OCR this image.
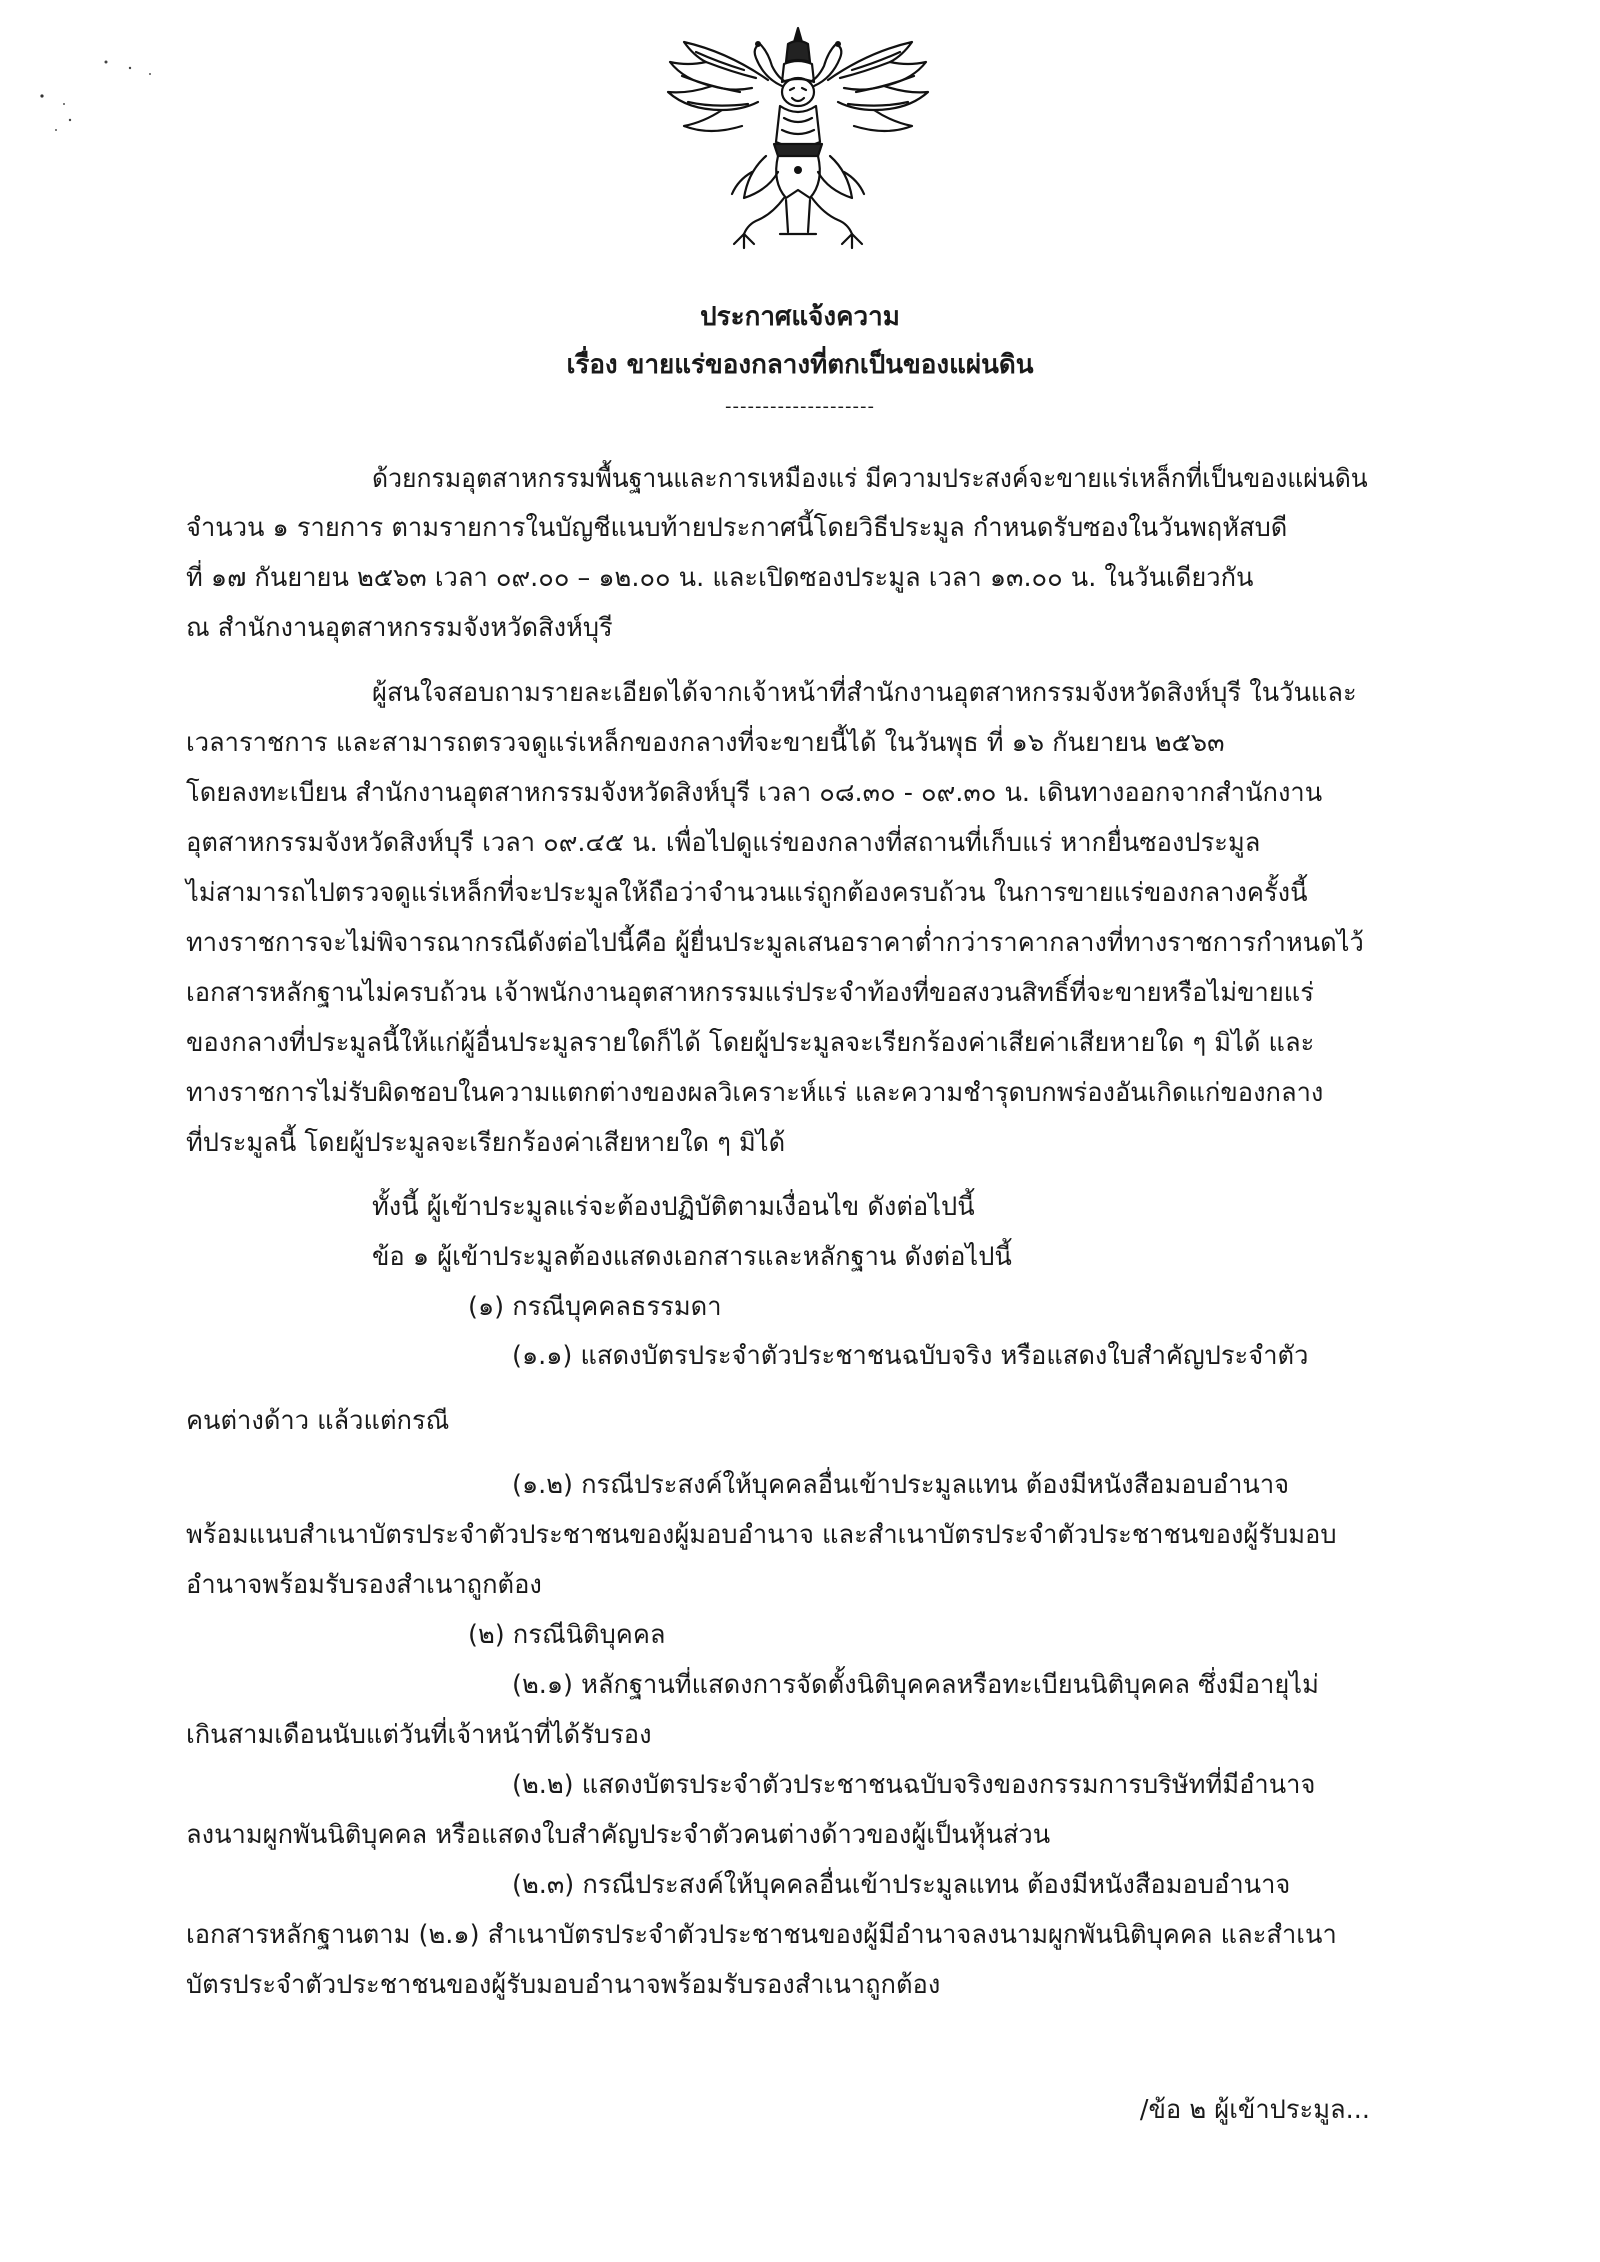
ประกาศแจ้งความ
เรื่อง ขายแร่ของกลางที่ตกเป็นของแผ่นดิน
--------------------
ด้วยกรมอุตสาหกรรมพื้นฐานและการเหมืองแร่ มีความประสงค์จะขายแร่เหล็กที่เป็นของแผ่นดิน
จำนวน ๑ รายการ ตามรายการในบัญชีแนบท้ายประกาศนี้โดยวิธีประมูล กำหนดรับซองในวันพฤหัสบดี
ที่ ๑๗ กันยายน ๒๕๖๓ เวลา ๐๙.๐๐ – ๑๒.๐๐ น. และเปิดซองประมูล เวลา ๑๓.๐๐ น. ในวันเดียวกัน
ณ สำนักงานอุตสาหกรรมจังหวัดสิงห์บุรี
ผู้สนใจสอบถามรายละเอียดได้จากเจ้าหน้าที่สำนักงานอุตสาหกรรมจังหวัดสิงห์บุรี ในวันและ
เวลาราชการ และสามารถตรวจดูแร่เหล็กของกลางที่จะขายนี้ได้ ในวันพุธ ที่ ๑๖ กันยายน ๒๕๖๓
โดยลงทะเบียน สำนักงานอุตสาหกรรมจังหวัดสิงห์บุรี เวลา ๐๘.๓๐ - ๐๙.๓๐ น. เดินทางออกจากสำนักงาน
อุตสาหกรรมจังหวัดสิงห์บุรี เวลา ๐๙.๔๕ น. เพื่อไปดูแร่ของกลางที่สถานที่เก็บแร่ หากยื่นซองประมูล
ไม่สามารถไปตรวจดูแร่เหล็กที่จะประมูลให้ถือว่าจำนวนแร่ถูกต้องครบถ้วน ในการขายแร่ของกลางครั้งนี้
ทางราชการจะไม่พิจารณากรณีดังต่อไปนี้คือ ผู้ยื่นประมูลเสนอราคาต่ำกว่าราคากลางที่ทางราชการกำหนดไว้
เอกสารหลักฐานไม่ครบถ้วน เจ้าพนักงานอุตสาหกรรมแร่ประจำท้องที่ขอสงวนสิทธิ์ที่จะขายหรือไม่ขายแร่
ของกลางที่ประมูลนี้ให้แก่ผู้อื่นประมูลรายใดก็ได้ โดยผู้ประมูลจะเรียกร้องค่าเสียค่าเสียหายใด ๆ มิได้ และ
ทางราชการไม่รับผิดชอบในความแตกต่างของผลวิเคราะห์แร่ และความชำรุดบกพร่องอันเกิดแก่ของกลาง
ที่ประมูลนี้ โดยผู้ประมูลจะเรียกร้องค่าเสียหายใด ๆ มิได้
ทั้งนี้ ผู้เข้าประมูลแร่จะต้องปฏิบัติตามเงื่อนไข ดังต่อไปนี้
ข้อ ๑ ผู้เข้าประมูลต้องแสดงเอกสารและหลักฐาน ดังต่อไปนี้
(๑) กรณีบุคคลธรรมดา
(๑.๑) แสดงบัตรประจำตัวประชาชนฉบับจริง หรือแสดงใบสำคัญประจำตัว
คนต่างด้าว แล้วแต่กรณี
(๑.๒) กรณีประสงค์ให้บุคคลอื่นเข้าประมูลแทน ต้องมีหนังสือมอบอำนาจ
พร้อมแนบสำเนาบัตรประจำตัวประชาชนของผู้มอบอำนาจ และสำเนาบัตรประจำตัวประชาชนของผู้รับมอบ
อำนาจพร้อมรับรองสำเนาถูกต้อง
(๒) กรณีนิติบุคคล
(๒.๑) หลักฐานที่แสดงการจัดตั้งนิติบุคคลหรือทะเบียนนิติบุคคล ซึ่งมีอายุไม่
เกินสามเดือนนับแต่วันที่เจ้าหน้าที่ได้รับรอง
(๒.๒) แสดงบัตรประจำตัวประชาชนฉบับจริงของกรรมการบริษัทที่มีอำนาจ
ลงนามผูกพันนิติบุคคล หรือแสดงใบสำคัญประจำตัวคนต่างด้าวของผู้เป็นหุ้นส่วน
(๒.๓) กรณีประสงค์ให้บุคคลอื่นเข้าประมูลแทน ต้องมีหนังสือมอบอำนาจ
เอกสารหลักฐานตาม (๒.๑) สำเนาบัตรประจำตัวประชาชนของผู้มีอำนาจลงนามผูกพันนิติบุคคล และสำเนา
บัตรประจำตัวประชาชนของผู้รับมอบอำนาจพร้อมรับรองสำเนาถูกต้อง
/ข้อ ๒ ผู้เข้าประมูล...
